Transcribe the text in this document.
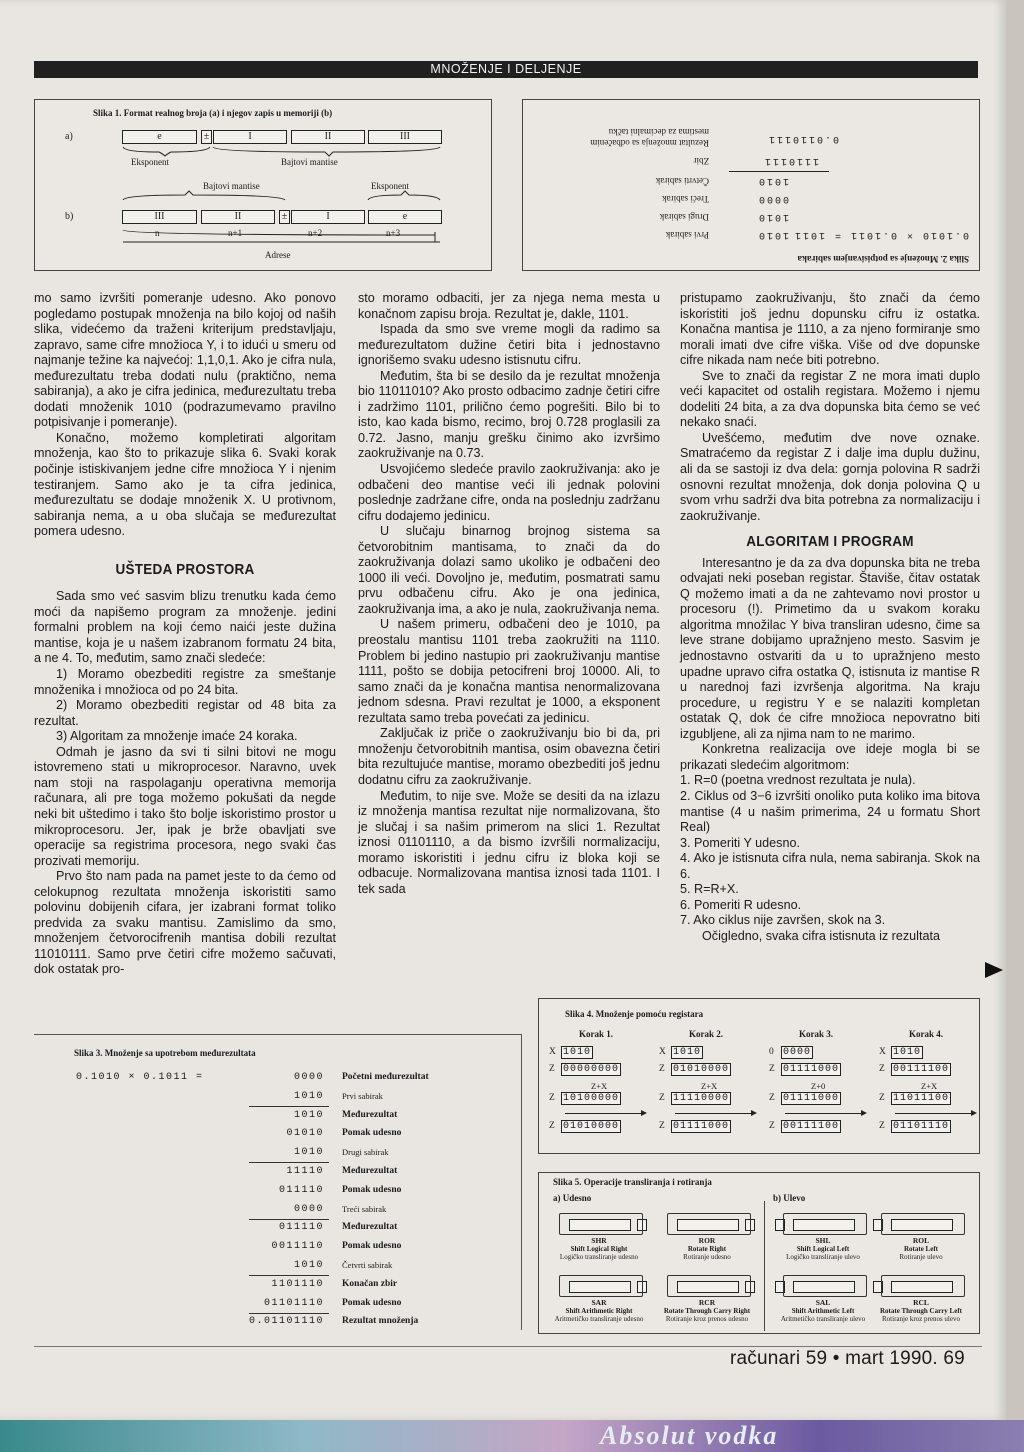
Absolut vodka
MNOŽENJE I DELJENJE
Slika 1. Format realnog broja (a) i njegov zapis u memoriji (b)
a)	e	±	I	II	III
Eksponent	Bajtovi mantise
Bajtovi mantise	Eksponent
b)	III	II	±	I	e
n	n+1	n+2	n+3
Adrese	Slika 2. Množenje sa potpisivanjem sabiraka
0.1010 × 0.1011 = 1011
1010
Prvi sabirak
1010
Drugi sabirak
0000
Treći sabirak
1010
Četvrti sabirak
1110111
Zbir
0.0110111
Rezultat množenja sa odbačenim mestima za decimalni tačku

mo samo izvršiti pomeranje udesno. Ako ponovo pogledamo postupak množenja na bilo kojoj od naših slika, videćemo da traženi kriterijum predstavljaju, zapravo, same cifre množioca Y, i to idući u smeru od najmanje težine ka najvećoj: 1,1,0,1. Ako je cifra nula, međurezultatu treba dodati nulu (praktično, nema sabiranja), a ako je cifra jedinica, međurezultatu treba dodati množenik 1010 (podrazumevamo pravilno potpisivanje i pomeranje).

Konačno, možemo kompletirati algoritam množenja, kao što to prikazuje slika 6. Svaki korak počinje istiskivanjem jedne cifre množioca Y i njenim testiranjem. Samo ako je ta cifra jedinica, međurezultatu se dodaje množenik X. U protivnom, sabiranja nema, a u oba slučaja se međurezultat pomera udesno.

UŠTEDA PROSTORA

Sada smo već sasvim blizu trenutku kada ćemo moći da napišemo program za množenje. jedini formalni problem na koji ćemo naići jeste dužina mantise, koja je u našem izabranom formatu 24 bita, a ne 4. To, međutim, samo znači sledeće:

1) Moramo obezbediti registre za smeštanje množenika i množioca od po 24 bita.

2) Moramo obezbediti registar od 48 bita za rezultat.

3) Algoritam za množenje imaće 24 koraka.

Odmah je jasno da svi ti silni bitovi ne mogu istovremeno stati u mikroprocesor. Naravno, uvek nam stoji na raspolaganju operativna memorija računara, ali pre toga možemo pokušati da negde neki bit uštedimo i tako što bolje iskoristimo prostor u mikroprocesoru. Jer, ipak je brže obavljati sve operacije sa registrima procesora, nego svaki čas prozivati memoriju.

Prvo što nam pada na pamet jeste to da ćemo od celokupnog rezultata množenja iskoristiti samo polovinu dobijenih cifara, jer izabrani format toliko predvida za svaku mantisu. Zamislimo da smo, množenjem četvorocifrenih mantisa dobili rezultat 11010111. Samo prve četiri cifre možemo sačuvati, dok ostatak pro-

sto moramo odbaciti, jer za njega nema mesta u konačnom zapisu broja. Rezultat je, dakle, 1101.

Ispada da smo sve vreme mogli da radimo sa međurezultatom dužine četiri bita i jednostavno ignorišemo svaku udesno istisnutu cifru.

Međutim, šta bi se desilo da je rezultat množenja bio 11011010? Ako prosto odbacimo zadnje četiri cifre i zadržimo 1101, prilično ćemo pogrešiti. Bilo bi to isto, kao kada bismo, recimo, broj 0.728 proglasili za 0.72. Jasno, manju grešku činimo ako izvršimo zaokruživanje na 0.73.

Usvojićemo sledeće pravilo zaokruživanja: ako je odbačeni deo mantise veći ili jednak polovini poslednje zadržane cifre, onda na poslednju zadržanu cifru dodajemo jedinicu.

U slučaju binarnog brojnog sistema sa četvorobitnim mantisama, to znači da do zaokruživanja dolazi samo ukoliko je odbačeni deo 1000 ili veći. Dovoljno je, međutim, posmatrati samu prvu odbačenu cifru. Ako je ona jedinica, zaokruživanja ima, a ako je nula, zaokruživanja nema.

U našem primeru, odbačeni deo je 1010, pa preostalu mantisu 1101 treba zaokružiti na 1110. Problem bi jedino nastupio pri zaokruživanju mantise 1111, pošto se dobija petocifreni broj 10000. Ali, to samo znači da je konačna mantisa nenormalizovana jednom sdesna. Pravi rezultat je 1000, a eksponent rezultata samo treba povećati za jedinicu.

Zaključak iz priče o zaokruživanju bio bi da, pri množenju četvorobitnih mantisa, osim obavezna četiri bita rezultujuće mantise, moramo obezbediti još jednu dodatnu cifru za zaokruživanje.

Međutim, to nije sve. Može se desiti da na izlazu iz množenja mantisa rezultat nije normalizovana, što je slučaj i sa našim primerom na slici 1. Rezultat iznosi 01101110, a da bismo izvršili normalizaciju, moramo iskoristiti i jednu cifru iz bloka koji se odbacuje. Normalizovana mantisa iznosi tada 1101. I tek sada

pristupamo zaokruživanju, što znači da ćemo iskoristiti još jednu dopunsku cifru iz ostatka. Konačna mantisa je 1110, a za njeno formiranje smo morali imati dve cifre viška. Više od dve dopunske cifre nikada nam neće biti potrebno.

Sve to znači da registar Z ne mora imati duplo veći kapacitet od ostalih registara. Možemo i njemu dodeliti 24 bita, a za dva dopunska bita ćemo se već nekako snaći.

Uvešćemo, međutim dve nove oznake. Smatraćemo da registar Z i dalje ima duplu dužinu, ali da se sastoji iz dva dela: gornja polovina R sadrži osnovni rezultat množenja, dok donja polovina Q u svom vrhu sadrži dva bita potrebna za normalizaciju i zaokruživanje.

ALGORITAM I PROGRAM

Interesantno je da za dva dopunska bita ne treba odvajati neki poseban registar. Štaviše, čitav ostatak Q možemo imati a da ne zahtevamo novi prostor u procesoru (!). Primetimo da u svakom koraku algoritma množilac Y biva transliran udesno, čime sa leve strane dobijamo upražnjeno mesto. Sasvim je jednostavno ostvariti da u to upražnjeno mesto upadne upravo cifra ostatka Q, istisnuta iz mantise R u narednoj fazi izvršenja algoritma. Na kraju procedure, u registru Y e se nalaziti kompletan ostatak Q, dok će cifre množioca nepovratno biti izgubljene, ali za njima nam to ne marimo.

Konkretna realizacija ove ideje mogla bi se prikazati sledećim algoritmom:

1. R=0 (poetna vrednost rezultata je nula).

2. Ciklus od 3−6 izvršiti onoliko puta koliko ima bitova mantise (4 u našim primerima, 24 u formatu Short Real)

3. Pomeriti Y udesno.

4. Ako je istisnuta cifra nula, nema sabiranja. Skok na 6.

5. R=R+X.

6. Pomeriti R udesno.

7. Ako ciklus nije završen, skok na 3.

Očigledno, svaka cifra istisnuta iz rezultata

Slika 3. Množenje sa upotrebom međurezultata
0.1010 × 0.1011 =	0000 Početni međurezultat
1010 Prvi sabirak
1010 Međurezultat
01010 Pomak udesno
1010 Drugi sabirak
11110 Međurezultat
011110 Pomak udesno
0000 Treći sabirak
011110 Međurezultat
0011110 Pomak udesno
1010 Četvrti sabirak
1101110 Konačan zbir
01101110 Pomak udesno
0.01101110 Rezultat množenja
Slika 4. Množenje pomoću registara
Korak 1.
X 1010
Z 00000000
Z+X
Z 10100000
Z 01010000
Korak 2.
X 1010
Z 01010000
Z+X
Z 11110000
Z 01111000
Korak 3.
0 0000
Z 01111000
Z+0
Z 01111000
Z 00111100
Korak 4.
X 1010
Z 00111100
Z+X
Z 11011100
Z 01101110
Slika 5. Operacije transliranja i rotiranja
a) Udesno	b) Ulevo
SHR
Shift Logical Right
Logičko transliranje udesno
ROR
Rotate Right
Rotiranje udesno
SHL
Shift Logical Left
Logičko transliranje ulevo
ROL
Rotate Left
Rotiranje ulevo
SAR
Shift Arithmetic Right
Aritmetičko transliranje udesno
RCR
Rotate Through Carry Right
Rotiranje kroz prenos udesno
SAL
Shift Arithmetic Left
Aritmetičko transliranje ulevo
RCL
Rotate Through Carry Left
Rotiranje kroz prenos ulevo
računari 59 • mart 1990. 69
